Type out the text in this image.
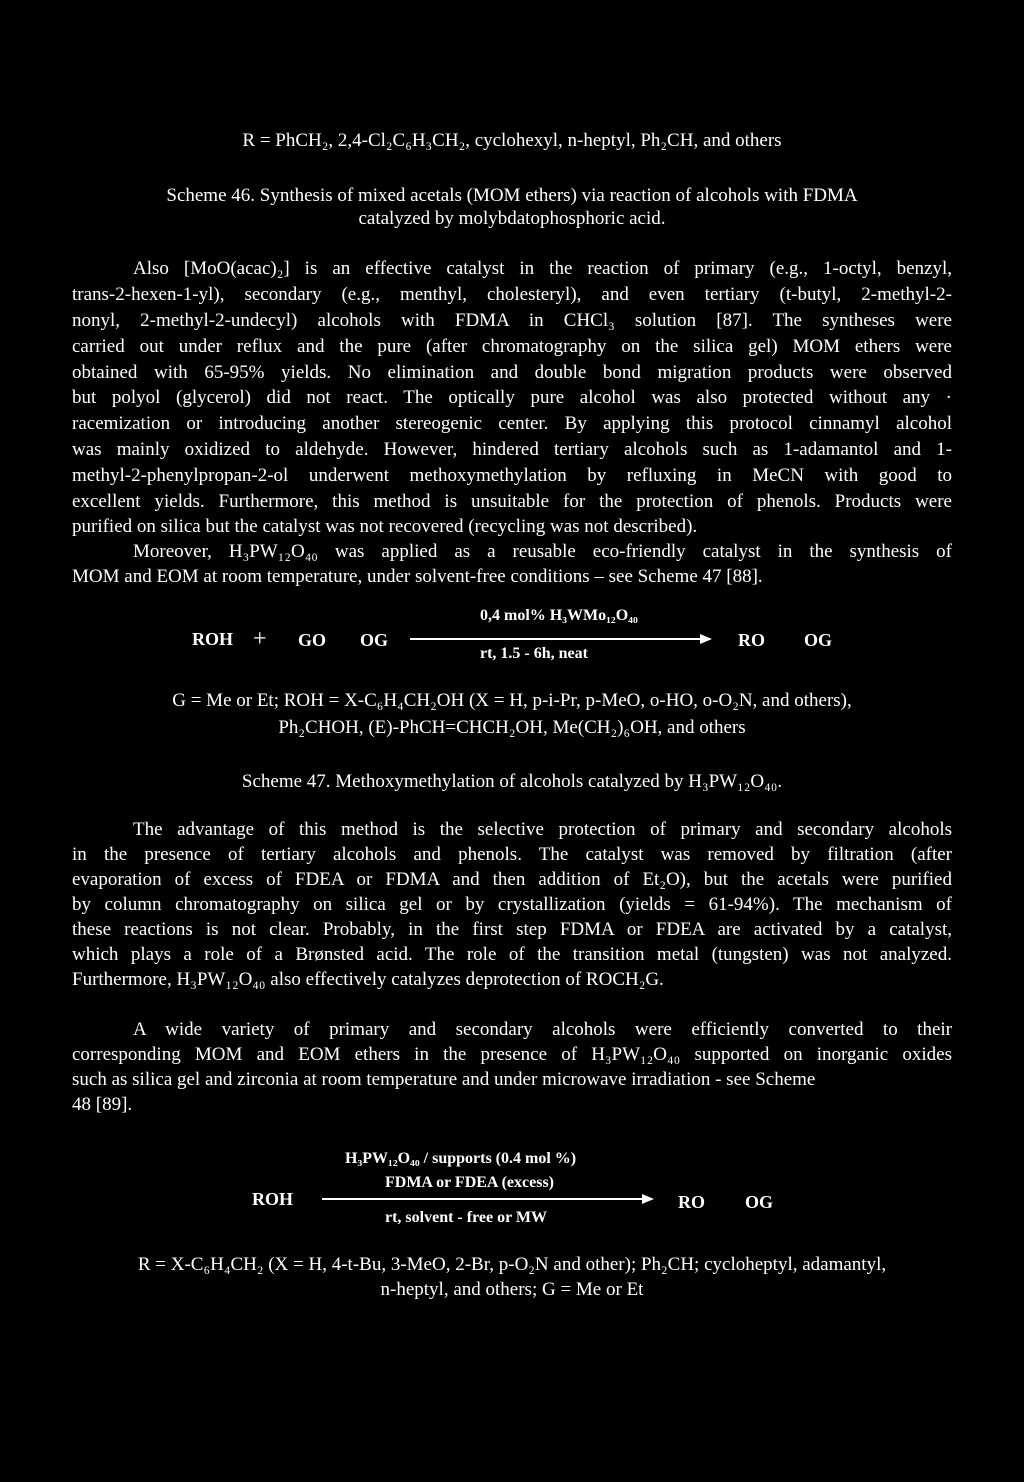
R = PhCH₂, 2,4-Cl₂C₆H₃CH₂, cyclohexyl, n-heptyl, Ph₂CH, and others
Scheme 46. Synthesis of mixed acetals (MOM ethers) via reaction of alcohols with FDMA
catalyzed by molybdatophosphoric acid.
Also [MoO(acac)₂] is an effective catalyst in the reaction of primary (e.g., 1-octyl, benzyl,
trans-2-hexen-1-yl), secondary (e.g., menthyl, cholesteryl), and even tertiary (t-butyl, 2-methyl-2-
nonyl, 2-methyl-2-undecyl) alcohols with FDMA in CHCl₃ solution [87]. The syntheses were
carried out under reflux and the pure (after chromatography on the silica gel) MOM ethers were
obtained with 65-95% yields. No elimination and double bond migration products were observed
but polyol (glycerol) did not react. The optically pure alcohol was also protected without any ·
racemization or introducing another stereogenic center. By applying this protocol cinnamyl alcohol
was mainly oxidized to aldehyde. However, hindered tertiary alcohols such as 1-adamantol and 1-
methyl-2-phenylpropan-2-ol underwent methoxymethylation by refluxing in MeCN with good to
excellent yields. Furthermore, this method is unsuitable for the protection of phenols. Products were
purified on silica but the catalyst was not recovered (recycling was not described).
Moreover, H₃PW₁₂O₄₀ was applied as a reusable eco-friendly catalyst in the synthesis of
MOM and EOM at room temperature, under solvent-free conditions – see Scheme 47 [88].
ROH + GO OG
0,4 mol% H₃WMo₁₂O₄₀
rt, 1.5 - 6h, neat
RO OG
G = Me or Et; ROH = X-C₆H₄CH₂OH (X = H, p-i-Pr, p-MeO, o-HO, o-O₂N, and others),
Ph₂CHOH, (E)-PhCH=CHCH₂OH, Me(CH₂)₆OH, and others
Scheme 47. Methoxymethylation of alcohols catalyzed by H₃PW₁₂O₄₀.
The advantage of this method is the selective protection of primary and secondary alcohols
in the presence of tertiary alcohols and phenols. The catalyst was removed by filtration (after
evaporation of excess of FDEA or FDMA and then addition of Et₂O), but the acetals were purified
by column chromatography on silica gel or by crystallization (yields = 61-94%). The mechanism of
these reactions is not clear. Probably, in the first step FDMA or FDEA are activated by a catalyst,
which plays a role of a Brønsted acid. The role of the transition metal (tungsten) was not analyzed.
Furthermore, H₃PW₁₂O₄₀ also effectively catalyzes deprotection of ROCH₂G.
A wide variety of primary and secondary alcohols were efficiently converted to their
corresponding MOM and EOM ethers in the presence of H₃PW₁₂O₄₀ supported on inorganic oxides
such as silica gel and zirconia at room temperature and under microwave irradiation - see Scheme
48 [89].
H₃PW₁₂O₄₀ / supports (0.4 mol %)
FDMA or FDEA (excess)
ROH
rt, solvent - free or MW
RO OG
R = X-C₆H₄CH₂ (X = H, 4-t-Bu, 3-MeO, 2-Br, p-O₂N and other); Ph₂CH; cycloheptyl, adamantyl,
n-heptyl, and others; G = Me or Et
